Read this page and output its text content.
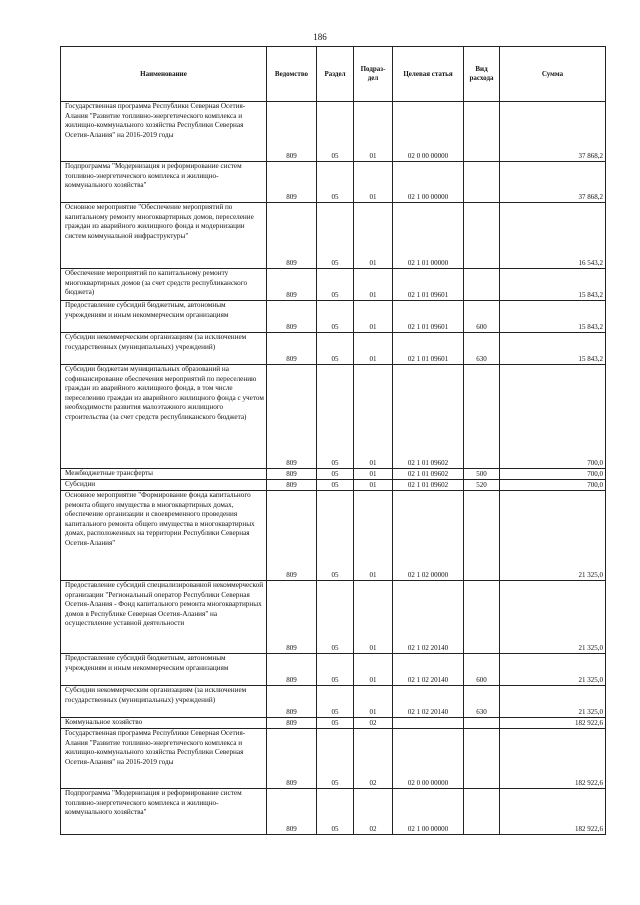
186
Наименование	Ведомство	Раздел	Подраз-дел	Целевая статья	Вид расхода	Сумма
Государственная программа Республики Северная Осетия-Алания "Развитие топливно-энергетического комплекса и жилищно-коммунального хозяйства Республики Северная Осетия-Алания" на 2016-2019 годы	809	05	01	02 0 00 00000		37 868,2
Подпрограмма "Модернизация и реформирование систем топливно-энергетического комплекса и жилищно-коммунального хозяйства"	809	05	01	02 1 00 00000		37 868,2
Основное мероприятие "Обеспечение мероприятий по капитальному ремонту многоквартирных домов, переселение граждан из аварийного жилищного фонда и модернизации систем коммунальной инфраструктуры"	809	05	01	02 1 01 00000		16 543,2
Обеспечение мероприятий по капитальному ремонту многоквартирных домов (за счет средств республиканского бюджета)	809	05	01	02 1 01 09601		15 843,2
Предоставление субсидий бюджетным, автономным учреждениям и иным некоммерческим организациям	809	05	01	02 1 01 09601	600	15 843,2
Субсидии некоммерческим организациям (за исключением государственных (муниципальных) учреждений)	809	05	01	02 1 01 09601	630	15 843,2
Субсидии бюджетам муниципальных образований на софинансирование обеспечения мероприятий по переселению граждан из аварийного жилищного фонда, в том числе переселению граждан из аварийного жилищного фонда с учетом необходимости развития малоэтажного жилищного строительства (за счет средств республиканского бюджета)	809	05	01	02 1 01 09602		700,0
Межбюджетные трансферты	809	05	01	02 1 01 09602	500	700,0
Субсидии	809	05	01	02 1 01 09602	520	700,0
Основное мероприятие "Формирование фонда капитального ремонта общего имущества в многоквартирных домах, обеспечение организации и своевременного проведения капитального ремонта общего имущества в многоквартирных домах, расположенных на территории Республики Северная Осетия-Алания"	809	05	01	02 1 02 00000		21 325,0
Предоставление субсидий специализированной некоммерческой организации "Региональный оператор Республики Северная Осетия-Алания - Фонд капитального ремонта многоквартирных домов в Республике Северная Осетия-Алания" на осуществление уставной деятельности	809	05	01	02 1 02 20140		21 325,0
Предоставление субсидий бюджетным, автономным учреждениям и иным некоммерческим организациям	809	05	01	02 1 02 20140	600	21 325,0
Субсидии некоммерческим организациям (за исключением государственных (муниципальных) учреждений)	809	05	01	02 1 02 20140	630	21 325,0
Коммунальное хозяйство	809	05	02			182 922,6
Государственная программа Республики Северная Осетия-Алания "Развитие топливно-энергетического комплекса и жилищно-коммунального хозяйства Республики Северная Осетия-Алания" на 2016-2019 годы	809	05	02	02 0 00 00000		182 922,6
Подпрограмма "Модернизация и реформирование систем топливно-энергетического комплекса и жилищно-коммунального хозяйства"	809	05	02	02 1 00 00000		182 922,6
